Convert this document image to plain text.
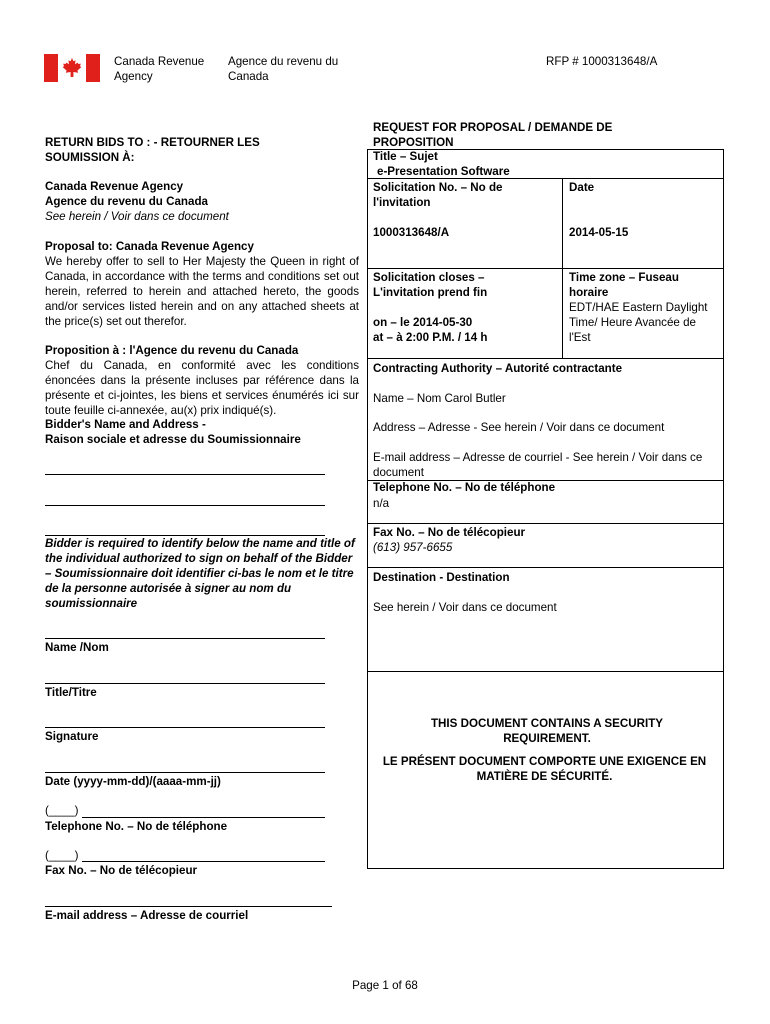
Canada Revenue Agency
Agence du revenu du Canada
RFP # 1000313648/A
RETURN BIDS TO : - RETOURNER LES SOUMISSION À:
Canada Revenue Agency
Agence du revenu du Canada
See herein / Voir dans ce document
Proposal to: Canada Revenue Agency
We hereby offer to sell to Her Majesty the Queen in right of Canada, in accordance with the terms and conditions set out herein, referred to herein and attached hereto, the goods and/or services listed herein and on any attached sheets at the price(s) set out therefor.
Proposition à : l'Agence du revenu du Canada
Chef du Canada, en conformité avec les conditions énoncées dans la présente incluses par référence dans la présente et ci-jointes, les biens et services énumérés ici sur toute feuille ci-annexée, au(x) prix indiqué(s).
Bidder's Name and Address -
Raison sociale et adresse du Soumissionnaire
Bidder is required to identify below the name and title of the individual authorized to sign on behalf of the Bidder – Soumissionnaire doit identifier ci-bas le nom et le titre de la personne autorisée à signer au nom du soumissionnaire
Name /Nom
Title/Titre
Signature
Date (yyyy-mm-dd)/(aaaa-mm-jj)
(____)
Telephone No. – No de téléphone
(____)
Fax No. – No de télécopieur
E-mail address – Adresse de courriel
REQUEST FOR PROPOSAL / DEMANDE DE PROPOSITION
Title – Sujet
e-Presentation Software
Solicitation No. – No de l'invitation
Date
1000313648/A	2014-05-15
Solicitation closes – L'invitation prend fin
on – le 2014-05-30
at – à 2:00 P.M. / 14 h
Time zone – Fuseau horaire
EDT/HAE Eastern Daylight Time/ Heure Avancée de l'Est
Contracting Authority – Autorité contractante
Name – Nom Carol Butler
Address – Adresse - See herein / Voir dans ce document
E-mail address – Adresse de courriel - See herein / Voir dans ce document
Telephone No. – No de téléphone
n/a
Fax No. – No de télécopieur
(613) 957-6655
Destination - Destination
See herein / Voir dans ce document
THIS DOCUMENT CONTAINS A SECURITY REQUIREMENT.
LE PRÉSENT DOCUMENT COMPORTE UNE EXIGENCE EN MATIÈRE DE SÉCURITÉ.
Page 1 of 68
